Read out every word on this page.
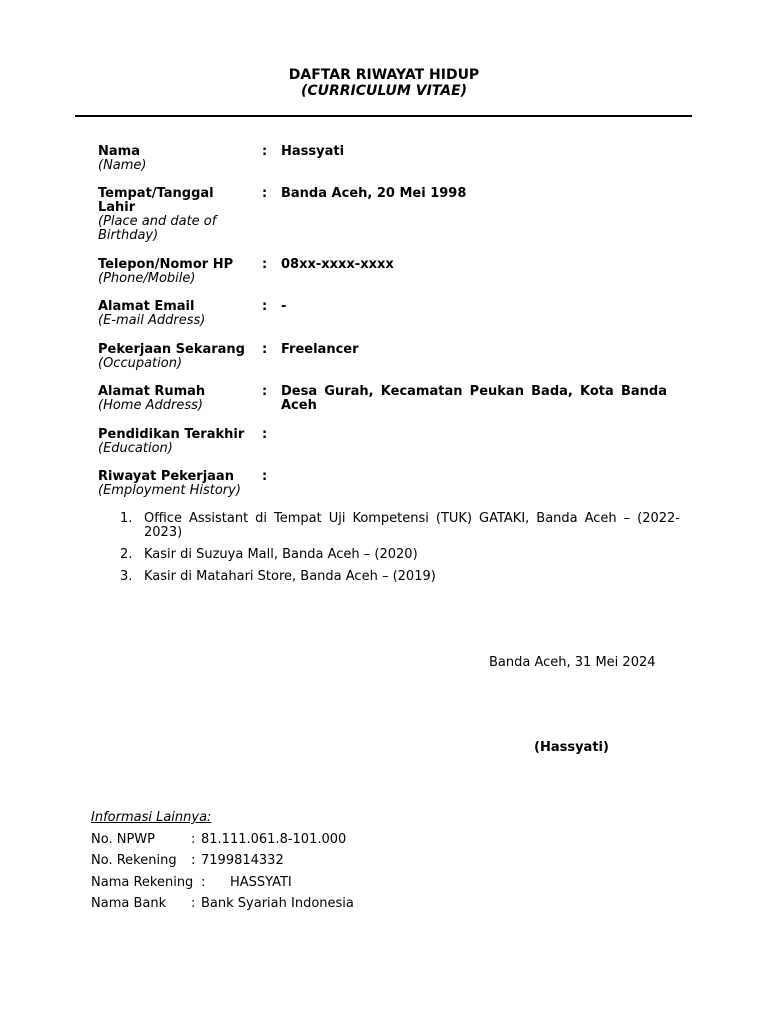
DAFTAR RIWAYAT HIDUP
(CURRICULUM VITAE)
Nama
(Name)
: Hassyati
Tempat/Tanggal Lahir
(Place and date of Birthday)
: Banda Aceh, 20 Mei 1998
Telepon/Nomor HP
(Phone/Mobile)
: 08xx-xxxx-xxxx
Alamat Email
(E-mail Address)
: -
Pekerjaan Sekarang
(Occupation)
: Freelancer
Alamat Rumah
(Home Address)
: Desa Gurah, Kecamatan Peukan Bada, Kota Banda Aceh
Pendidikan Terakhir
(Education)
:
Riwayat Pekerjaan
(Employment History)
:
1. Office Assistant di Tempat Uji Kompetensi (TUK) GATAKI, Banda Aceh – (2022-2023)
2. Kasir di Suzuya Mall, Banda Aceh – (2020)
3. Kasir di Matahari Store, Banda Aceh – (2019)
Banda Aceh, 31 Mei 2024
(Hassyati)
Informasi Lainnya:
No. NPWP	: 81.111.061.8-101.000
No. Rekening : 7199814332
Nama Rekening : HASSYATI
Nama Bank : Bank Syariah Indonesia
